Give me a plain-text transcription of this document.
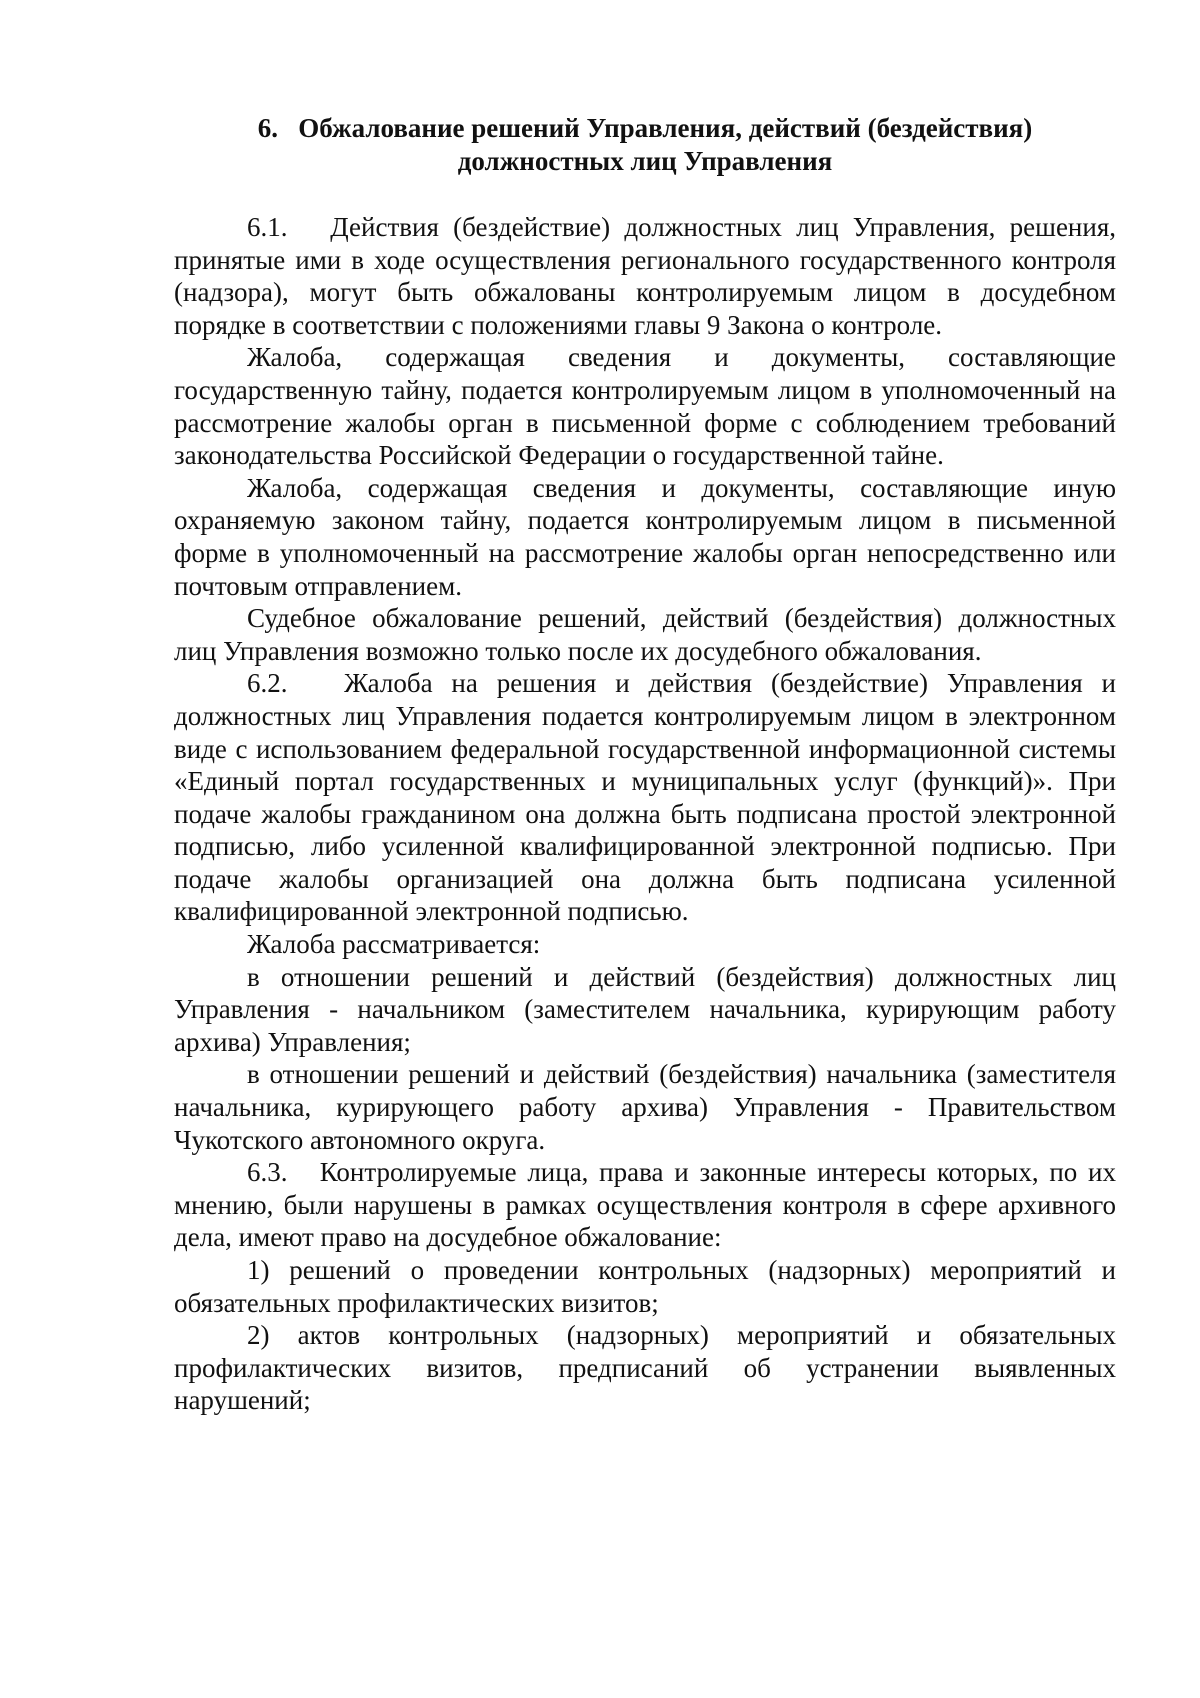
6.   Обжалование решений Управления, действий (бездействия)
должностных лиц Управления

6.1.   Действия (бездействие) должностных лиц Управления, решения, принятые ими в ходе осуществления регионального государственного контроля (надзора), могут быть обжалованы контролируемым лицом в досудебном порядке в соответствии с положениями главы 9 Закона о контроле.

Жалоба, содержащая сведения и документы, составляющие государственную тайну, подается контролируемым лицом в уполномоченный на рассмотрение жалобы орган в письменной форме с соблюдением требований законодательства Российской Федерации о государственной тайне.

Жалоба, содержащая сведения и документы, составляющие иную охраняемую законом тайну, подается контролируемым лицом в письменной форме в уполномоченный на рассмотрение жалобы орган непосредственно или почтовым отправлением.

Судебное обжалование решений, действий (бездействия) должностных лиц Управления возможно только после их досудебного обжалования.

6.2.   Жалоба на решения и действия (бездействие) Управления и должностных лиц Управления подается контролируемым лицом в электронном виде с использованием федеральной государственной информационной системы «Единый портал государственных и муниципальных услуг (функций)». При подаче жалобы гражданином она должна быть подписана простой электронной подписью, либо усиленной квалифицированной электронной подписью. При подаче жалобы организацией она должна быть подписана усиленной квалифицированной электронной подписью.

Жалоба рассматривается:

в отношении решений и действий (бездействия) должностных лиц Управления - начальником (заместителем начальника, курирующим работу архива) Управления;

в отношении решений и действий (бездействия) начальника (заместителя начальника, курирующего работу архива) Управления - Правительством Чукотского автономного округа.

6.3.   Контролируемые лица, права и законные интересы которых, по их мнению, были нарушены в рамках осуществления контроля в сфере архивного дела, имеют право на досудебное обжалование:

1) решений о проведении контрольных (надзорных) мероприятий и обязательных профилактических визитов;

2) актов контрольных (надзорных) мероприятий и обязательных профилактических визитов, предписаний об устранении выявленных нарушений;
